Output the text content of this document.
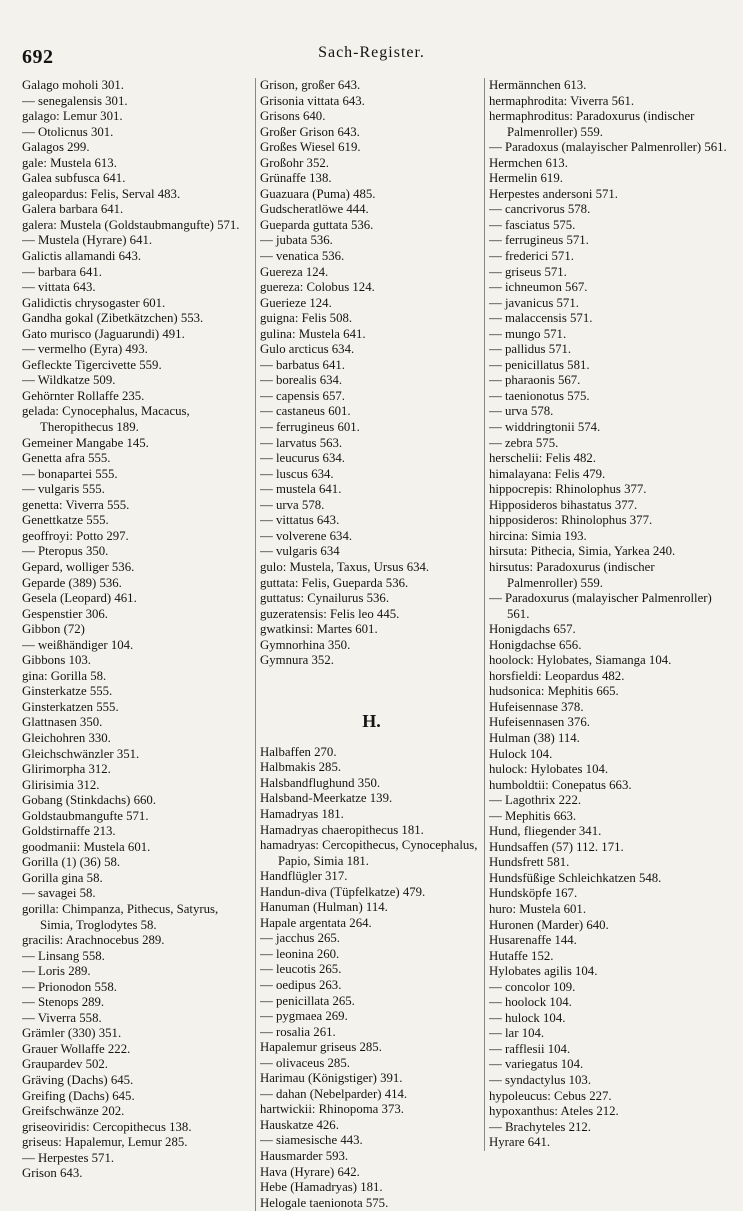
692	Sach-Register.
Galago moholi 301.
— senegalensis 301.
galago: Lemur 301.
— Otolicnus 301.
Galagos 299.
gale: Mustela 613.
Galea subfusca 641.
galeopardus: Felis, Serval 483.
Galera barbara 641.
galera: Mustela (Goldstaubmangufte) 571.
— Mustela (Hyrare) 641.
Galictis allamandi 643.
— barbara 641.
— vittata 643.
Galidictis chrysogaster 601.
Gandha gokal (Zibetkätzchen) 553.
Gato murisco (Jaguarundi) 491.
— vermelho (Eyra) 493.
Gefleckte Tigercivette 559.
— Wildkatze 509.
Gehörnter Rollaffe 235.
gelada: Cynocephalus, Macacus, Theropithecus 189.
Gemeiner Mangabe 145.
Genetta afra 555.
— bonapartei 555.
— vulgaris 555.
genetta: Viverra 555.
Genettkatze 555.
geoffroyi: Potto 297.
— Pteropus 350.
Gepard, wolliger 536.
Geparde (389) 536.
Gesela (Leopard) 461.
Gespenstier 306.
Gibbon (72)
— weißhändiger 104.
Gibbons 103.
gina: Gorilla 58.
Ginsterkatze 555.
Ginsterkatzen 555.
Glattnasen 350.
Gleichohren 330.
Gleichschwänzler 351.
Glirimorpha 312.
Glirisimia 312.
Gobang (Stinkdachs) 660.
Goldstaubmangufte 571.
Goldstirnaffe 213.
goodmanii: Mustela 601.
Gorilla (1) (36) 58.
Gorilla gina 58.
— savagei 58.
gorilla: Chimpanza, Pithecus, Satyrus, Simia, Troglodytes 58.
gracilis: Arachnocebus 289.
— Linsang 558.
— Loris 289.
— Prionodon 558.
— Stenops 289.
— Viverra 558.
Grämler (330) 351.
Grauer Wollaffe 222.
Graupardev 502.
Gräving (Dachs) 645.
Greifing (Dachs) 645.
Greifschwänze 202.
griseoviridis: Cercopithecus 138.
griseus: Hapalemur, Lemur 285.
— Herpestes 571.
Grison 643.
Grison, großer 643.
Grisonia vittata 643.
Grisons 640.
Großer Grison 643.
Großes Wiesel 619.
Großohr 352.
Grünaffe 138.
Guazuara (Puma) 485.
Gudscheratlöwe 444.
Gueparda guttata 536.
— jubata 536.
— venatica 536.
Guereza 124.
guereza: Colobus 124.
Guerieze 124.
guigna: Felis 508.
gulina: Mustela 641.
Gulo arcticus 634.
— barbatus 641.
— borealis 634.
— capensis 657.
— castaneus 601.
— ferrugineus 601.
— larvatus 563.
— leucurus 634.
— luscus 634.
— mustela 641.
— urva 578.
— vittatus 643.
— volverene 634.
— vulgaris 634
gulo: Mustela, Taxus, Ursus 634.
guttata: Felis, Gueparda 536.
guttatus: Cynailurus 536.
guzeratensis: Felis leo 445.
gwatkinsi: Martes 601.
Gymnorhina 350.
Gymnura 352.
H.
Halbaffen 270.
Halbmakis 285.
Halsbandflughund 350.
Halsband-Meerkatze 139.
Hamadryas 181.
Hamadryas chaeropithecus 181.
hamadryas: Cercopithecus, Cynocephalus, Papio, Simia 181.
Handflügler 317.
Handun-diva (Tüpfelkatze) 479.
Hanuman (Hulman) 114.
Hapale argentata 264.
— jacchus 265.
— leonina 260.
— leucotis 265.
— oedipus 263.
— penicillata 265.
— pygmaea 269.
— rosalia 261.
Hapalemur griseus 285.
— olivaceus 285.
Harimau (Königstiger) 391.
— dahan (Nebelparder) 414.
hartwickii: Rhinopoma 373.
Hauskatze 426.
— siamesische 443.
Hausmarder 593.
Hava (Hyrare) 642.
Hebe (Hamadryas) 181.
Helogale taenionota 575.
Hermännchen 613.
hermaphrodita: Viverra 561.
hermaphroditus: Paradoxurus (indischer Palmenroller) 559.
— Paradoxus (malayischer Palmenroller) 561.
Hermchen 613.
Hermelin 619.
Herpestes andersoni 571.
— cancrivorus 578.
— fasciatus 575.
— ferrugineus 571.
— frederici 571.
— griseus 571.
— ichneumon 567.
— javanicus 571.
— malaccensis 571.
— mungo 571.
— pallidus 571.
— penicillatus 581.
— pharaonis 567.
— taenionotus 575.
— urva 578.
— widdringtonii 574.
— zebra 575.
herschelii: Felis 482.
himalayana: Felis 479.
hippocrepis: Rhinolophus 377.
Hipposideros bihastatus 377.
hipposideros: Rhinolophus 377.
hircina: Simia 193.
hirsuta: Pithecia, Simia, Yarkea 240.
hirsutus: Paradoxurus (indischer Palmenroller) 559.
— Paradoxurus (malayischer Palmenroller) 561.
Honigdachs 657.
Honigdachse 656.
hoolock: Hylobates, Siamanga 104.
horsfieldi: Leopardus 482.
hudsonica: Mephitis 665.
Hufeisennase 378.
Hufeisennasen 376.
Hulman (38) 114.
Hulock 104.
hulock: Hylobates 104.
humboldtii: Conepatus 663.
— Lagothrix 222.
— Mephitis 663.
Hund, fliegender 341.
Hundsaffen (57) 112. 171.
Hundsfrett 581.
Hundsfüßige Schleichkatzen 548.
Hundsköpfe 167.
huro: Mustela 601.
Huronen (Marder) 640.
Husarenaffe 144.
Hutaffe 152.
Hylobates agilis 104.
— concolor 109.
— hoolock 104.
— hulock 104.
— lar 104.
— rafflesii 104.
— variegatus 104.
— syndactylus 103.
hypoleucus: Cebus 227.
hypoxanthus: Ateles 212.
— Brachyteles 212.
Hyrare 641.
